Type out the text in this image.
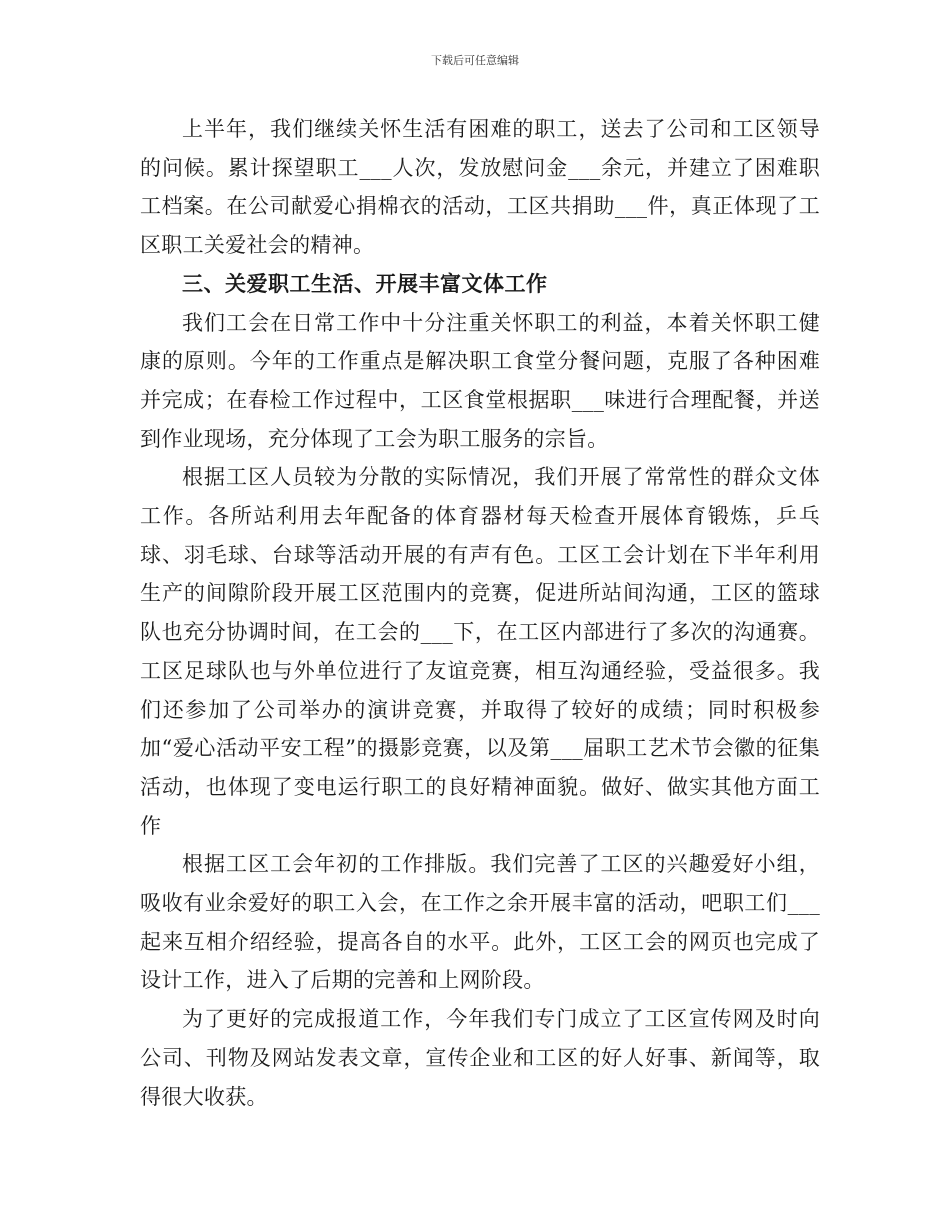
下载后可任意编辑

上半年，我们继续关怀生活有困难的职工，送去了公司和工区领导的问候。累计探望职工___人次，发放慰问金___余元，并建立了困难职工档案。在公司献爱心捐棉衣的活动，工区共捐助___件，真正体现了工区职工关爱社会的精神。

三、关爱职工生活、开展丰富文体工作

我们工会在日常工作中十分注重关怀职工的利益，本着关怀职工健康的原则。今年的工作重点是解决职工食堂分餐问题，克服了各种困难并完成；在春检工作过程中，工区食堂根据职___味进行合理配餐，并送到作业现场，充分体现了工会为职工服务的宗旨。

根据工区人员较为分散的实际情况，我们开展了常常性的群众文体工作。各所站利用去年配备的体育器材每天检查开展体育锻炼，乒乓球、羽毛球、台球等活动开展的有声有色。工区工会计划在下半年利用生产的间隙阶段开展工区范围内的竞赛，促进所站间沟通，工区的篮球队也充分协调时间，在工会的___下，在工区内部进行了多次的沟通赛。工区足球队也与外单位进行了友谊竞赛，相互沟通经验，受益很多。我们还参加了公司举办的演讲竞赛，并取得了较好的成绩；同时积极参加“爱心活动平安工程”的摄影竞赛，以及第___届职工艺术节会徽的征集活动，也体现了变电运行职工的良好精神面貌。做好、做实其他方面工作

根据工区工会年初的工作排版。我们完善了工区的兴趣爱好小组，吸收有业余爱好的职工入会，在工作之余开展丰富的活动，吧职工们___起来互相介绍经验，提高各自的水平。此外，工区工会的网页也完成了设计工作，进入了后期的完善和上网阶段。

为了更好的完成报道工作，今年我们专门成立了工区宣传网及时向公司、刊物及网站发表文章，宣传企业和工区的好人好事、新闻等，取得很大收获。
